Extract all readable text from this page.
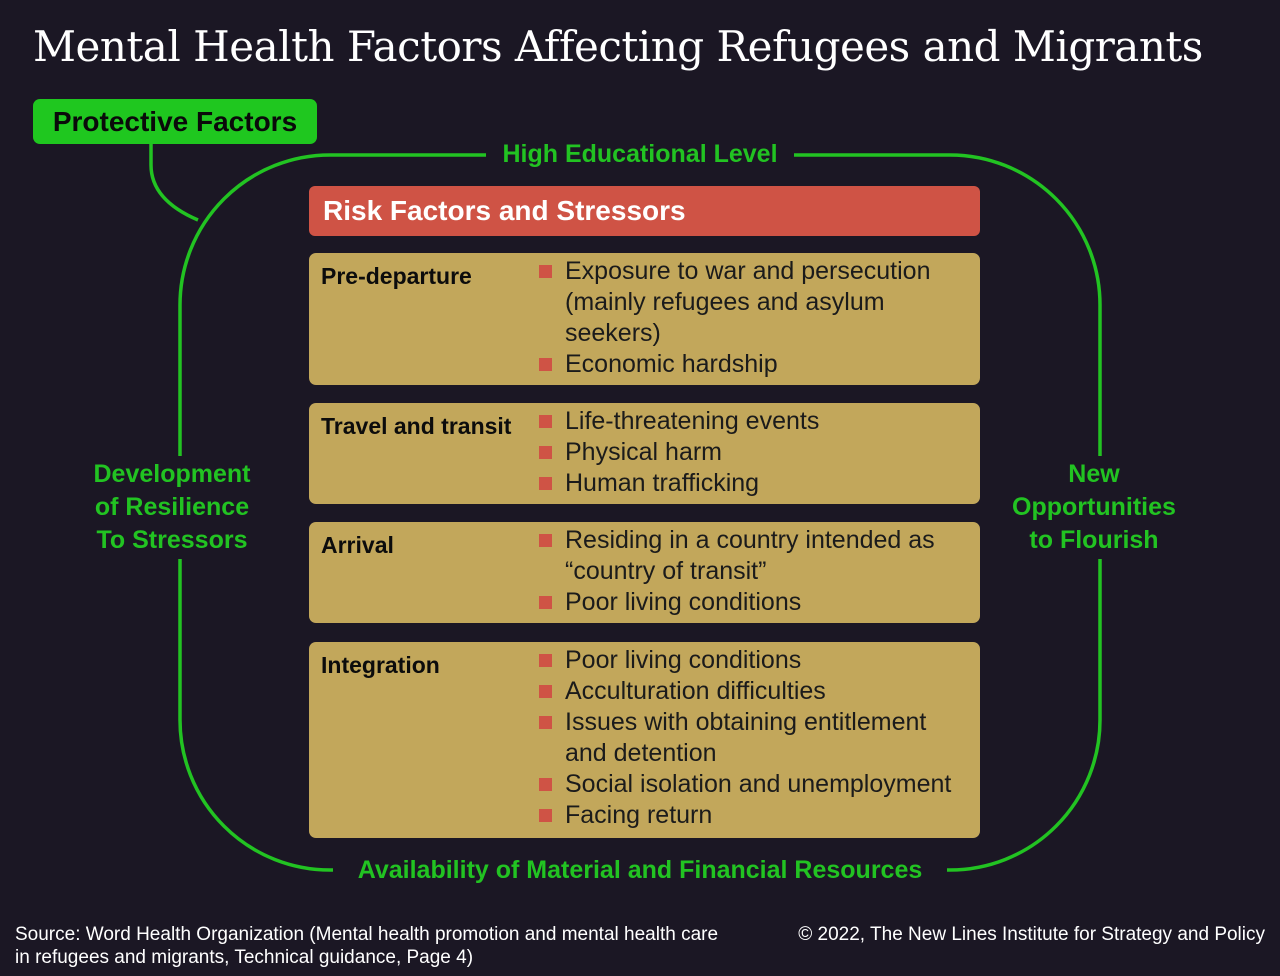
Mental Health Factors Affecting Refugees and Migrants
Protective Factors
High Educational Level
Availability of Material and Financial Resources
Development
of Resilience
To Stressors
New
Opportunities
to Flourish
Risk Factors and Stressors
Pre-departure	Exposure to war and persecution (mainly refugees and asylum seekers)
Economic hardship
Travel and transit	Life-threatening events
Physical harm
Human trafficking
Arrival	Residing in a country intended as “country of transit”
Poor living conditions
Integration	Poor living conditions
Acculturation difficulties
Issues with obtaining entitlement and detention
Social isolation and unemployment
Facing return
Source: Word Health Organization (Mental health promotion and mental health care in refugees and migrants, Technical guidance, Page 4)
© 2022, The New Lines Institute for Strategy and Policy
